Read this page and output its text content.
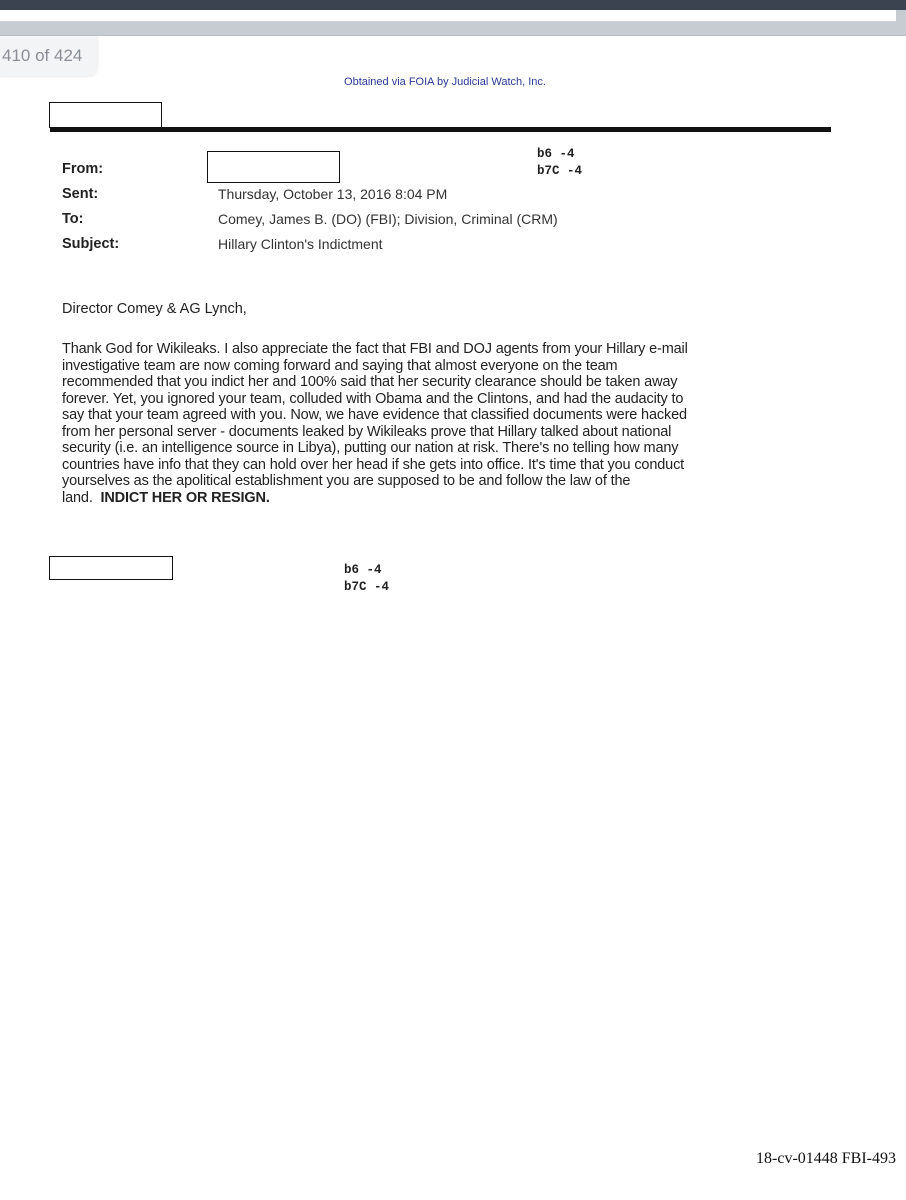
410 of 424
Obtained via FOIA by Judicial Watch, Inc.
From:
b6 -4
b7C -4
Sent:	Thursday, October 13, 2016 8:04 PM
To:	Comey, James B. (DO) (FBI); Division, Criminal (CRM)
Subject:	Hillary Clinton's Indictment
Director Comey & AG Lynch,
Thank God for Wikileaks. I also appreciate the fact that FBI and DOJ agents from your Hillary e-mail
investigative team are now coming forward and saying that almost everyone on the team
recommended that you indict her and 100% said that her security clearance should be taken away
forever. Yet, you ignored your team, colluded with Obama and the Clintons, and had the audacity to
say that your team agreed with you. Now, we have evidence that classified documents were hacked
from her personal server - documents leaked by Wikileaks prove that Hillary talked about national
security (i.e. an intelligence source in Libya), putting our nation at risk. There's no telling how many
countries have info that they can hold over her head if she gets into office. It's time that you conduct
yourselves as the apolitical establishment you are supposed to be and follow the law of the
land. INDICT HER OR RESIGN.
b6 -4
b7C -4
18-cv-01448 FBI-493
